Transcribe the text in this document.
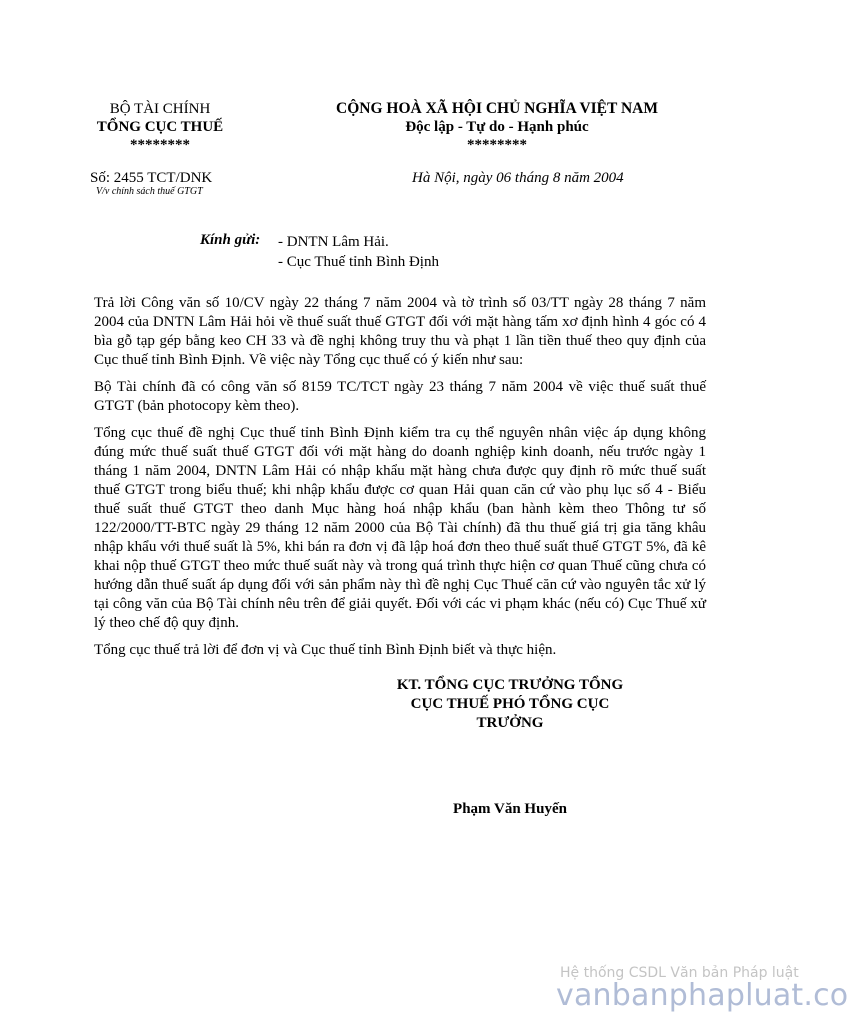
BỘ TÀI CHÍNH
TỔNG CỤC THUẾ
********
CỘNG HOÀ XÃ HỘI CHỦ NGHĨA VIỆT NAM
Độc lập - Tự do - Hạnh phúc
********
Số: 2455 TCT/DNK
V/v chính sách thuế GTGT
Hà Nội, ngày 06 tháng 8 năm 2004
Kính gửi: - DNTN Lâm Hải.
- Cục Thuế tỉnh Bình Định

Trả lời Công văn số 10/CV ngày 22 tháng 7 năm 2004 và tờ trình số 03/TT ngày 28 tháng 7 năm 2004 của DNTN Lâm Hải hỏi về thuế suất thuế GTGT đối với mặt hàng tấm xơ định hình 4 góc có 4 bìa gỗ tạp gép bằng keo CH 33 và đề nghị không truy thu và phạt 1 lần tiền thuế theo quy định của Cục thuế tỉnh Bình Định. Về việc này Tổng cục thuế có ý kiến như sau:

Bộ Tài chính đã có công văn số 8159 TC/TCT ngày 23 tháng 7 năm 2004 về việc thuế suất thuế GTGT (bản photocopy kèm theo).

Tổng cục thuế đề nghị Cục thuế tỉnh Bình Định kiểm tra cụ thể nguyên nhân việc áp dụng không đúng mức thuế suất thuế GTGT đối với mặt hàng do doanh nghiệp kinh doanh, nếu trước ngày 1 tháng 1 năm 2004, DNTN Lâm Hải có nhập khẩu mặt hàng chưa được quy định rõ mức thuế suất thuế GTGT trong biểu thuế; khi nhập khẩu được cơ quan Hải quan căn cứ vào phụ lục số 4 - Biểu thuế suất thuế GTGT theo danh Mục hàng hoá nhập khẩu (ban hành kèm theo Thông tư số 122/2000/TT-BTC ngày 29 tháng 12 năm 2000 của Bộ Tài chính) đã thu thuế giá trị gia tăng khâu nhập khẩu với thuế suất là 5%, khi bán ra đơn vị đã lập hoá đơn theo thuế suất thuế GTGT 5%, đã kê khai nộp thuế GTGT theo mức thuế suất này và trong quá trình thực hiện cơ quan Thuế cũng chưa có hướng dẫn thuế suất áp dụng đối với sản phẩm này thì đề nghị Cục Thuế căn cứ vào nguyên tắc xử lý tại công văn của Bộ Tài chính nêu trên để giải quyết. Đối với các vi phạm khác (nếu có) Cục Thuế xử lý theo chế độ quy định.

Tổng cục thuế trả lời để đơn vị và Cục thuế tỉnh Bình Định biết và thực hiện.

KT. TỔNG CỤC TRƯỞNG TỔNG CỤC THUẾ PHÓ TỔNG CỤC TRƯỞNG
Phạm Văn Huyến
Hệ thống CSDL Văn bản Pháp luật
vanbanphapluat.co
